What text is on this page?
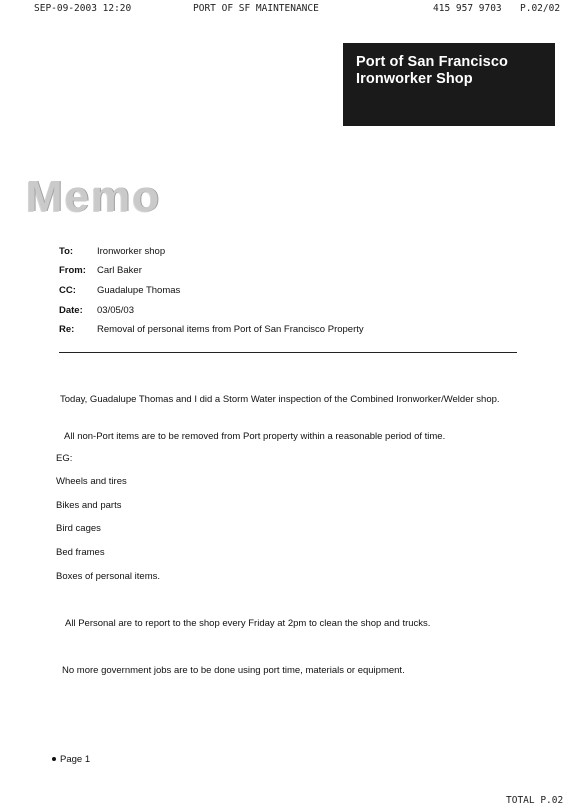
SEP-09-2003 12:20	PORT OF SF MAINTENANCE	415 957 9703 P.02/02
Port of San Francisco
Ironworker Shop
Memo
To:	Ironworker shop
From: Carl Baker
CC: Guadalupe Thomas
Date: 03/05/03
Re: Removal of personal items from Port of San Francisco Property
Today, Guadalupe Thomas and I did a Storm Water inspection of the Combined Ironworker/Welder shop.
All non-Port items are to be removed from Port property within a reasonable period of time.
EG:
Wheels and tires
Bikes and parts
Bird cages
Bed frames
Boxes of personal items.
All Personal are to report to the shop every Friday at 2pm to clean the shop and trucks.
No more government jobs are to be done using port time, materials or equipment.
Page 1
TOTAL P.02
